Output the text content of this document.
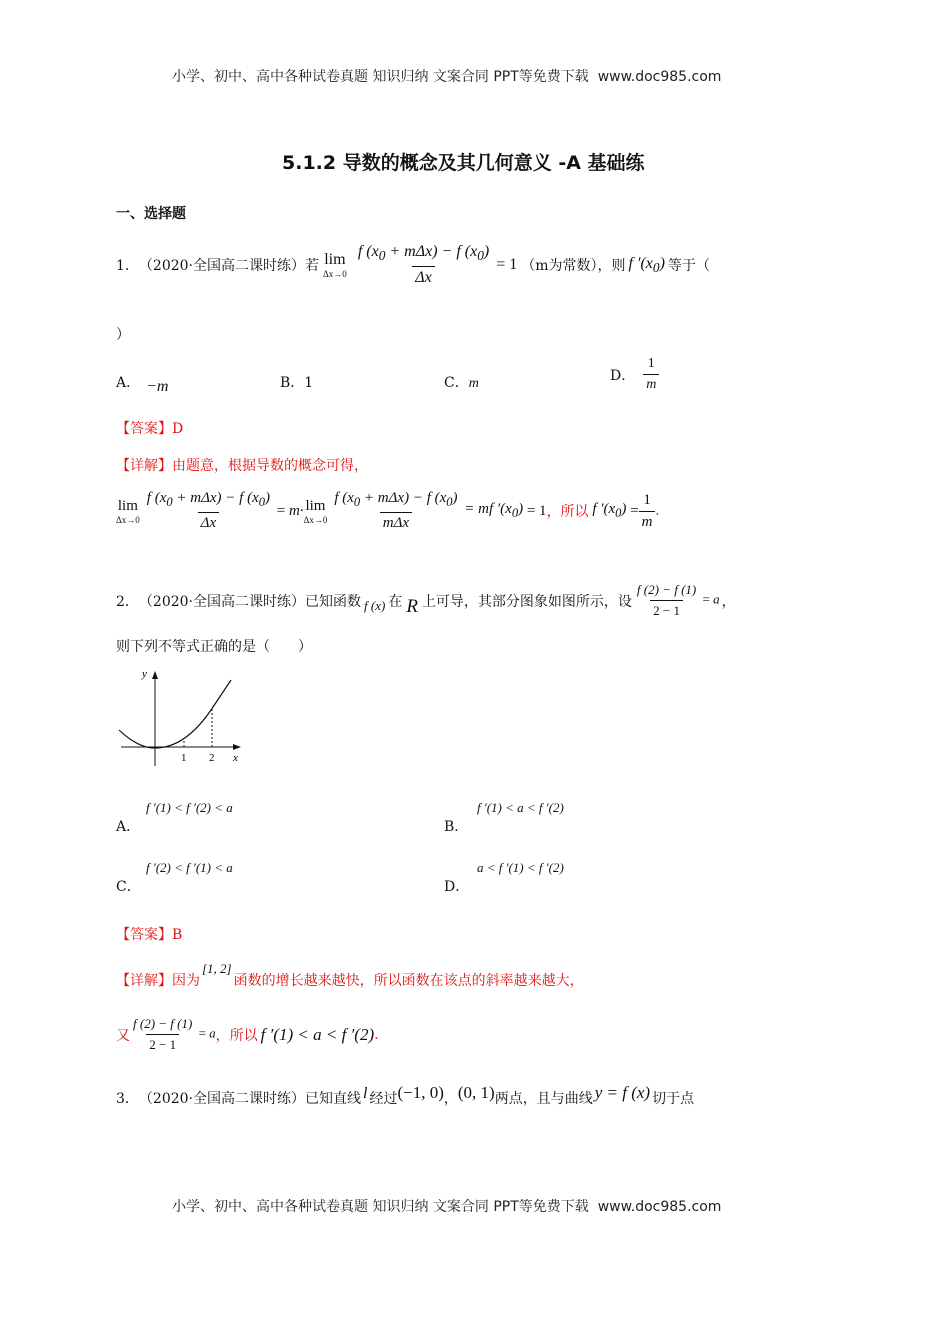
小学、初中、高中各种试卷真题 知识归纳 文案合同 PPT等免费下载 www.doc985.com
5.1.2 导数的概念及其几何意义 -A 基础练
一、选择题
1． （2020·全国高二课时练）若 lim
Δx→0
$\frac{f (x_0 + m\Delta x) - f (x_0)}{\Delta x} = 1$ （m为常数），则 f $'(x_0)$ 等于（
）
A． −m	B．1	C．m	D． $\frac{1}{m}$
【答案】D
【详解】由题意，根据导数的概念可得，
lim
$\Delta x\to 0 \frac{f (x_0 + m\Delta x) - f (x_0)}{\Delta x} = m\cdot \lim$
$\Delta x\to 0 \frac{f (x_0 + m\Delta x) - f (x_0)}{\text{mΔx}}$ = mf $'(x_0) = 1$ ，所以 f $'(x_0) = \frac{1}{m}$ .
2． （2020·全国高二课时练）已知函数 f (x) 在 R 上可导，其部分图象如图所示，设 $\frac{f (2) - f (1)}{2 - 1} = a$ ，
则下列不等式正确的是（　　）
y
x
1 2
A．
f ′(1) < f ′(2) < a
B．
f ′(1) < a < f ′(2)
C．
f ′(2) < f ′(1) < a
D．
a < f ′(1) < f ′(2)
【答案】B
【详解】因为[1, 2]函数的增长越来越快，所以函数在该点的斜率越来越大，
又 $\frac{f (2) - f (1)}{2 - 1} = a$ ，所以 f ′(1) < a < f ′(2) .
3． （2020·全国高二课时练）已知直线 l 经过 (−1, 0) ， (0, 1) 两点，且与曲线 y = f (x) 切于点
小学、初中、高中各种试卷真题 知识归纳 文案合同 PPT等免费下载 www.doc985.com
